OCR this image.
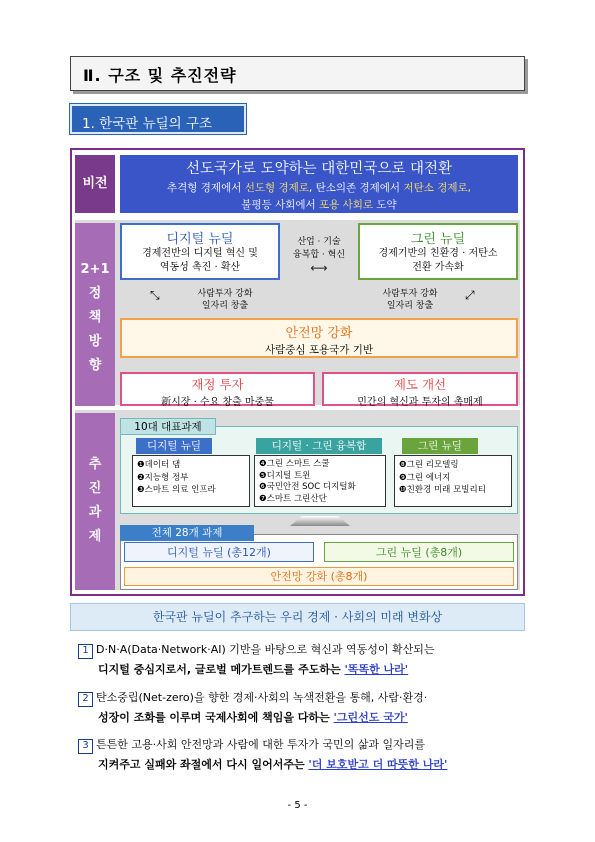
Ⅱ. 구조 및 추진전략
1. 한국판 뉴딜의 구조
비전
선도국가로 도약하는 대한민국으로 대전환
추격형 경제에서 선도형 경제로, 탄소의존 경제에서 저탄소 경제로,
불평등 사회에서 포용 사회로 도약
2+1
정
책
방
향
디지털 뉴딜
경제전반의 디지털 혁신 및
역동성 촉진 · 확산
산업 · 기술
융복합 · 혁신
⟷
그린 뉴딜
경제기반의 친환경 · 저탄소
전환 가속화
⤡	⤢
사람투자 강화
일자리 창출
사람투자 강화
일자리 창출
안전망 강화
사람중심 포용국가 기반
재정 투자
新시장 · 수요 창출 마중물
제도 개선
민간의 혁신과 투자의 촉매제
추
진
과
제
10대 대표과제
디지털 뉴딜
❶데이터 댐
❷지능형 정부
❸스마트 의료 인프라
디지털 · 그린 융복합
❹그린 스마트 스쿨
❺디지털 트윈
❻국민안전 SOC 디지털화
❼스마트 그린산단
그린 뉴딜
❽그린 리모델링
❾그린 에너지
❿친환경 미래 모빌리티
전체 28개 과제
디지털 뉴딜 (총12개)	그린 뉴딜 (총8개)
안전망 강화 (총8개)
한국판 뉴딜이 추구하는 우리 경제 · 사회의 미래 변화상
1 D·N·A(Data·Network·AI) 기반을 바탕으로 혁신과 역동성이 확산되는
디지털 중심지로서, 글로벌 메가트렌드를 주도하는 '똑똑한 나라'
2 탄소중립(Net-zero)을 향한 경제·사회의 녹색전환을 통해, 사람·환경·
성장이 조화를 이루며 국제사회에 책임을 다하는 '그린선도 국가'
3 튼튼한 고용·사회 안전망과 사람에 대한 투자가 국민의 삶과 일자리를
지켜주고 실패와 좌절에서 다시 일어서주는 '더 보호받고 더 따뜻한 나라'
- 5 -
